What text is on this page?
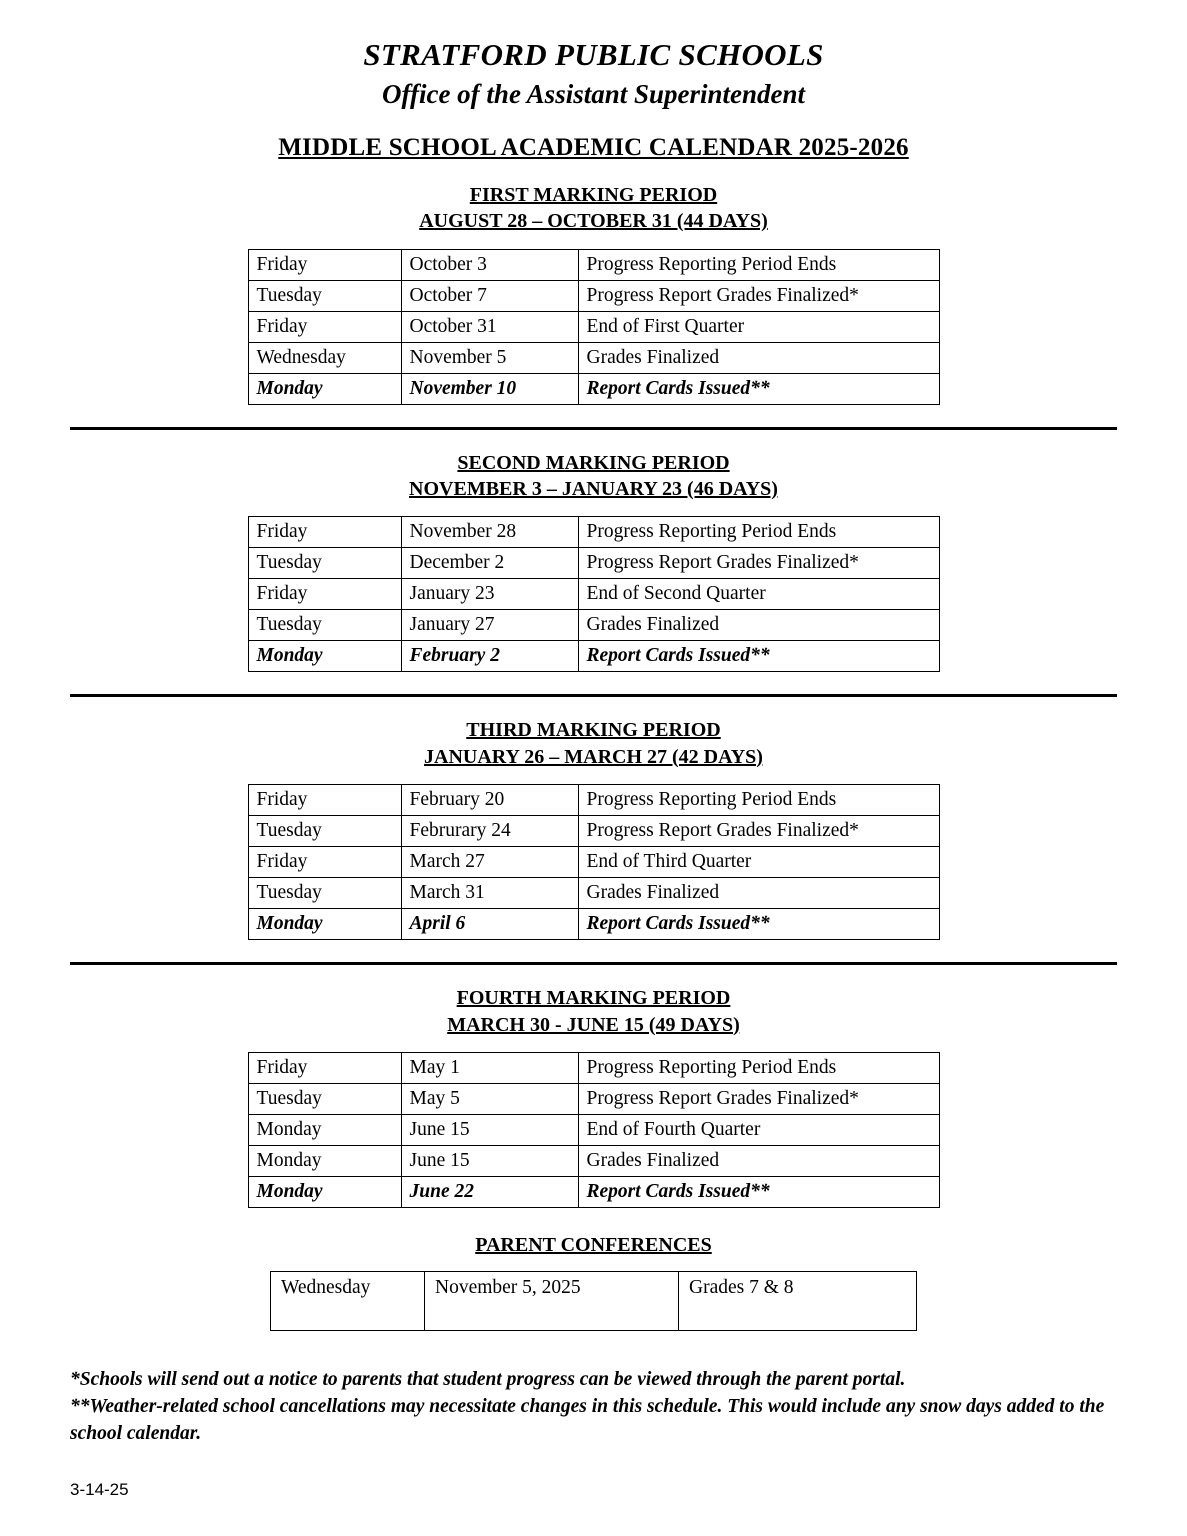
STRATFORD PUBLIC SCHOOLS
Office of the Assistant Superintendent
MIDDLE SCHOOL ACADEMIC CALENDAR 2025-2026
FIRST MARKING PERIOD
AUGUST 28 – OCTOBER 31 (44 DAYS)
Friday	October 3	Progress Reporting Period Ends
Tuesday	October 7	Progress Report Grades Finalized*
Friday	October 31	End of First Quarter
Wednesday	November 5	Grades Finalized
Monday	November 10	Report Cards Issued**
SECOND MARKING PERIOD
NOVEMBER 3 – JANUARY 23 (46 DAYS)
Friday	November 28	Progress Reporting Period Ends
Tuesday	December 2	Progress Report Grades Finalized*
Friday	January 23	End of Second Quarter
Tuesday	January 27	Grades Finalized
Monday	February 2	Report Cards Issued**
THIRD MARKING PERIOD
JANUARY 26 – MARCH 27 (42 DAYS)
Friday	February 20	Progress Reporting Period Ends
Tuesday	Februrary 24	Progress Report Grades Finalized*
Friday	March 27	End of Third Quarter
Tuesday	March 31	Grades Finalized
Monday	April 6	Report Cards Issued**
FOURTH MARKING PERIOD
MARCH 30 - JUNE 15 (49 DAYS)
Friday	May 1	Progress Reporting Period Ends
Tuesday	May 5	Progress Report Grades Finalized*
Monday	June 15	End of Fourth Quarter
Monday	June 15	Grades Finalized
Monday	June 22	Report Cards Issued**
PARENT CONFERENCES
Wednesday	November 5, 2025	Grades 7 & 8
*Schools will send out a notice to parents that student progress can be viewed through the parent portal.
**Weather-related school cancellations may necessitate changes in this schedule. This would include any snow days added to the school calendar.
3-14-25
